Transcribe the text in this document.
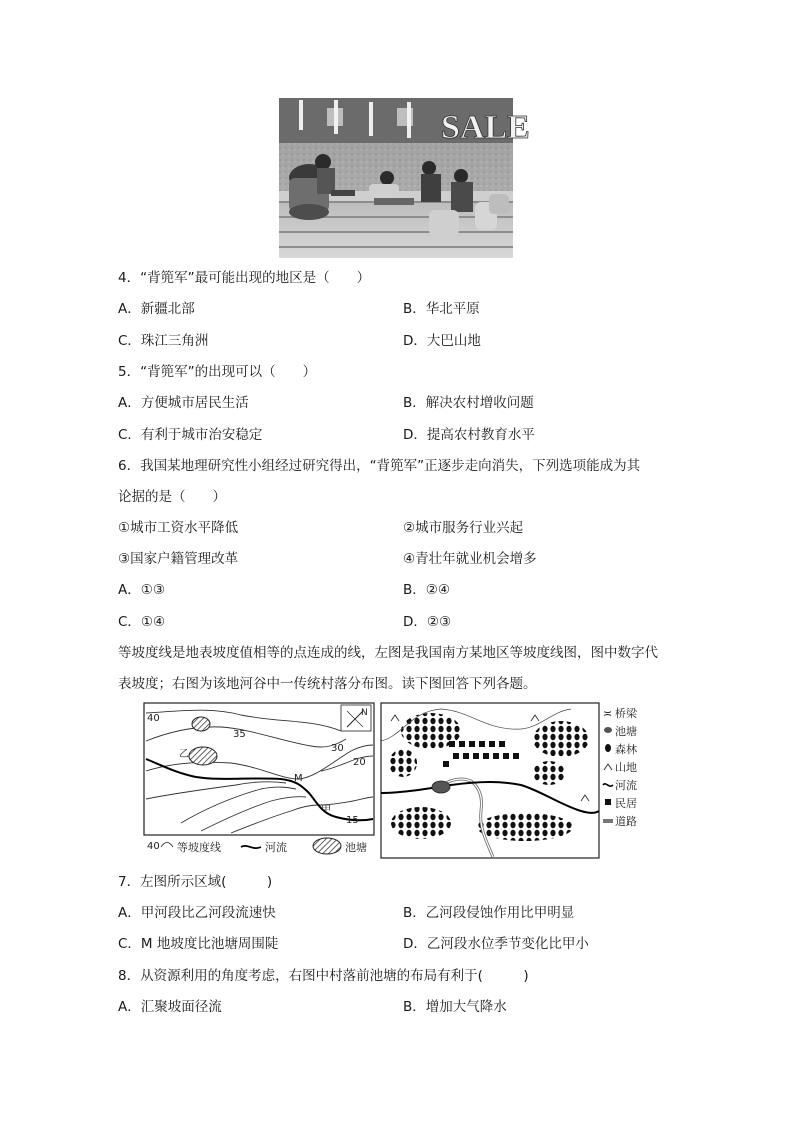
SALE
4．“背篼军”最可能出现的地区是（　　）
A．新疆北部	B．华北平原
C．珠江三角洲	D．大巴山地
5．“背篼军”的出现可以（　　）
A．方便城市居民生活	B．解决农村增收问题
C．有利于城市治安稳定	D．提高农村教育水平
6．我国某地理研究性小组经过研究得出，“背篼军”正逐步走向消失，下列选项能成为其
论据的是（　　）
①城市工资水平降低	②城市服务行业兴起
③国家户籍管理改革	④青壮年就业机会增多
A．①③	B．②④
C．①④	D．②③
等坡度线是地表坡度值相等的点连成的线，左图是我国南方某地区等坡度线图，图中数字代
表坡度；右图为该地河谷中一传统村落分布图。读下图回答下列各题。
40
35
30
20
15
乙
甲
M
N
40 等坡度线	河流	池塘
≍ 桥梁
池塘
森林
山地
河流
民居
道路
7．左图所示区域(　　　)
A．甲河段比乙河段流速快	B．乙河段侵蚀作用比甲明显
C．M 地坡度比池塘周围陡	D．乙河段水位季节变化比甲小
8．从资源利用的角度考虑，右图中村落前池塘的布局有利于(　　　)
A．汇聚坡面径流	B．增加大气降水
